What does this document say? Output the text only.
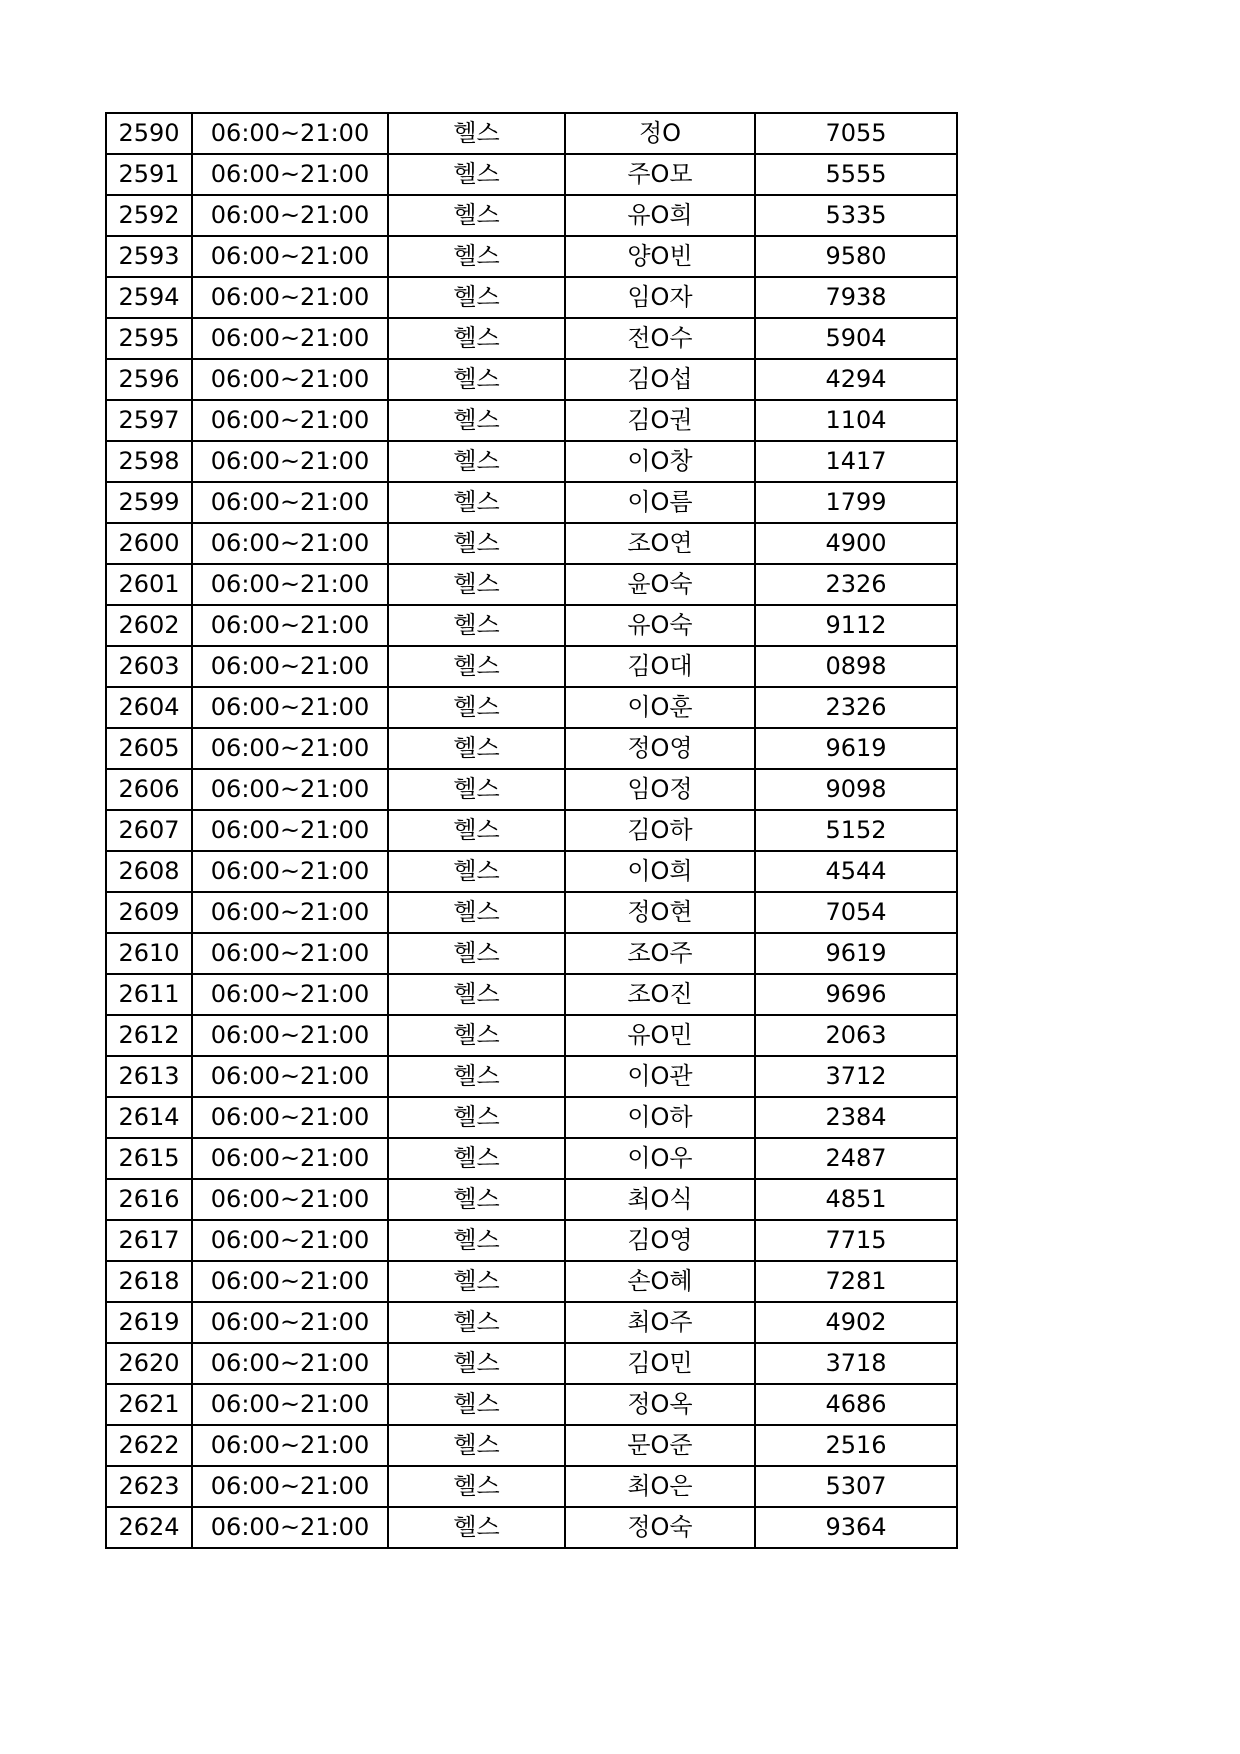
2590	06:00~21:00	헬스	정O	7055
2591	06:00~21:00	헬스	주O모	5555
2592	06:00~21:00	헬스	유O희	5335
2593	06:00~21:00	헬스	양O빈	9580
2594	06:00~21:00	헬스	임O자	7938
2595	06:00~21:00	헬스	전O수	5904
2596	06:00~21:00	헬스	김O섭	4294
2597	06:00~21:00	헬스	김O권	1104
2598	06:00~21:00	헬스	이O창	1417
2599	06:00~21:00	헬스	이O름	1799
2600	06:00~21:00	헬스	조O연	4900
2601	06:00~21:00	헬스	윤O숙	2326
2602	06:00~21:00	헬스	유O숙	9112
2603	06:00~21:00	헬스	김O대	0898
2604	06:00~21:00	헬스	이O훈	2326
2605	06:00~21:00	헬스	정O영	9619
2606	06:00~21:00	헬스	임O정	9098
2607	06:00~21:00	헬스	김O하	5152
2608	06:00~21:00	헬스	이O희	4544
2609	06:00~21:00	헬스	정O현	7054
2610	06:00~21:00	헬스	조O주	9619
2611	06:00~21:00	헬스	조O진	9696
2612	06:00~21:00	헬스	유O민	2063
2613	06:00~21:00	헬스	이O관	3712
2614	06:00~21:00	헬스	이O하	2384
2615	06:00~21:00	헬스	이O우	2487
2616	06:00~21:00	헬스	최O식	4851
2617	06:00~21:00	헬스	김O영	7715
2618	06:00~21:00	헬스	손O혜	7281
2619	06:00~21:00	헬스	최O주	4902
2620	06:00~21:00	헬스	김O민	3718
2621	06:00~21:00	헬스	정O옥	4686
2622	06:00~21:00	헬스	문O준	2516
2623	06:00~21:00	헬스	최O은	5307
2624	06:00~21:00	헬스	정O숙	9364
